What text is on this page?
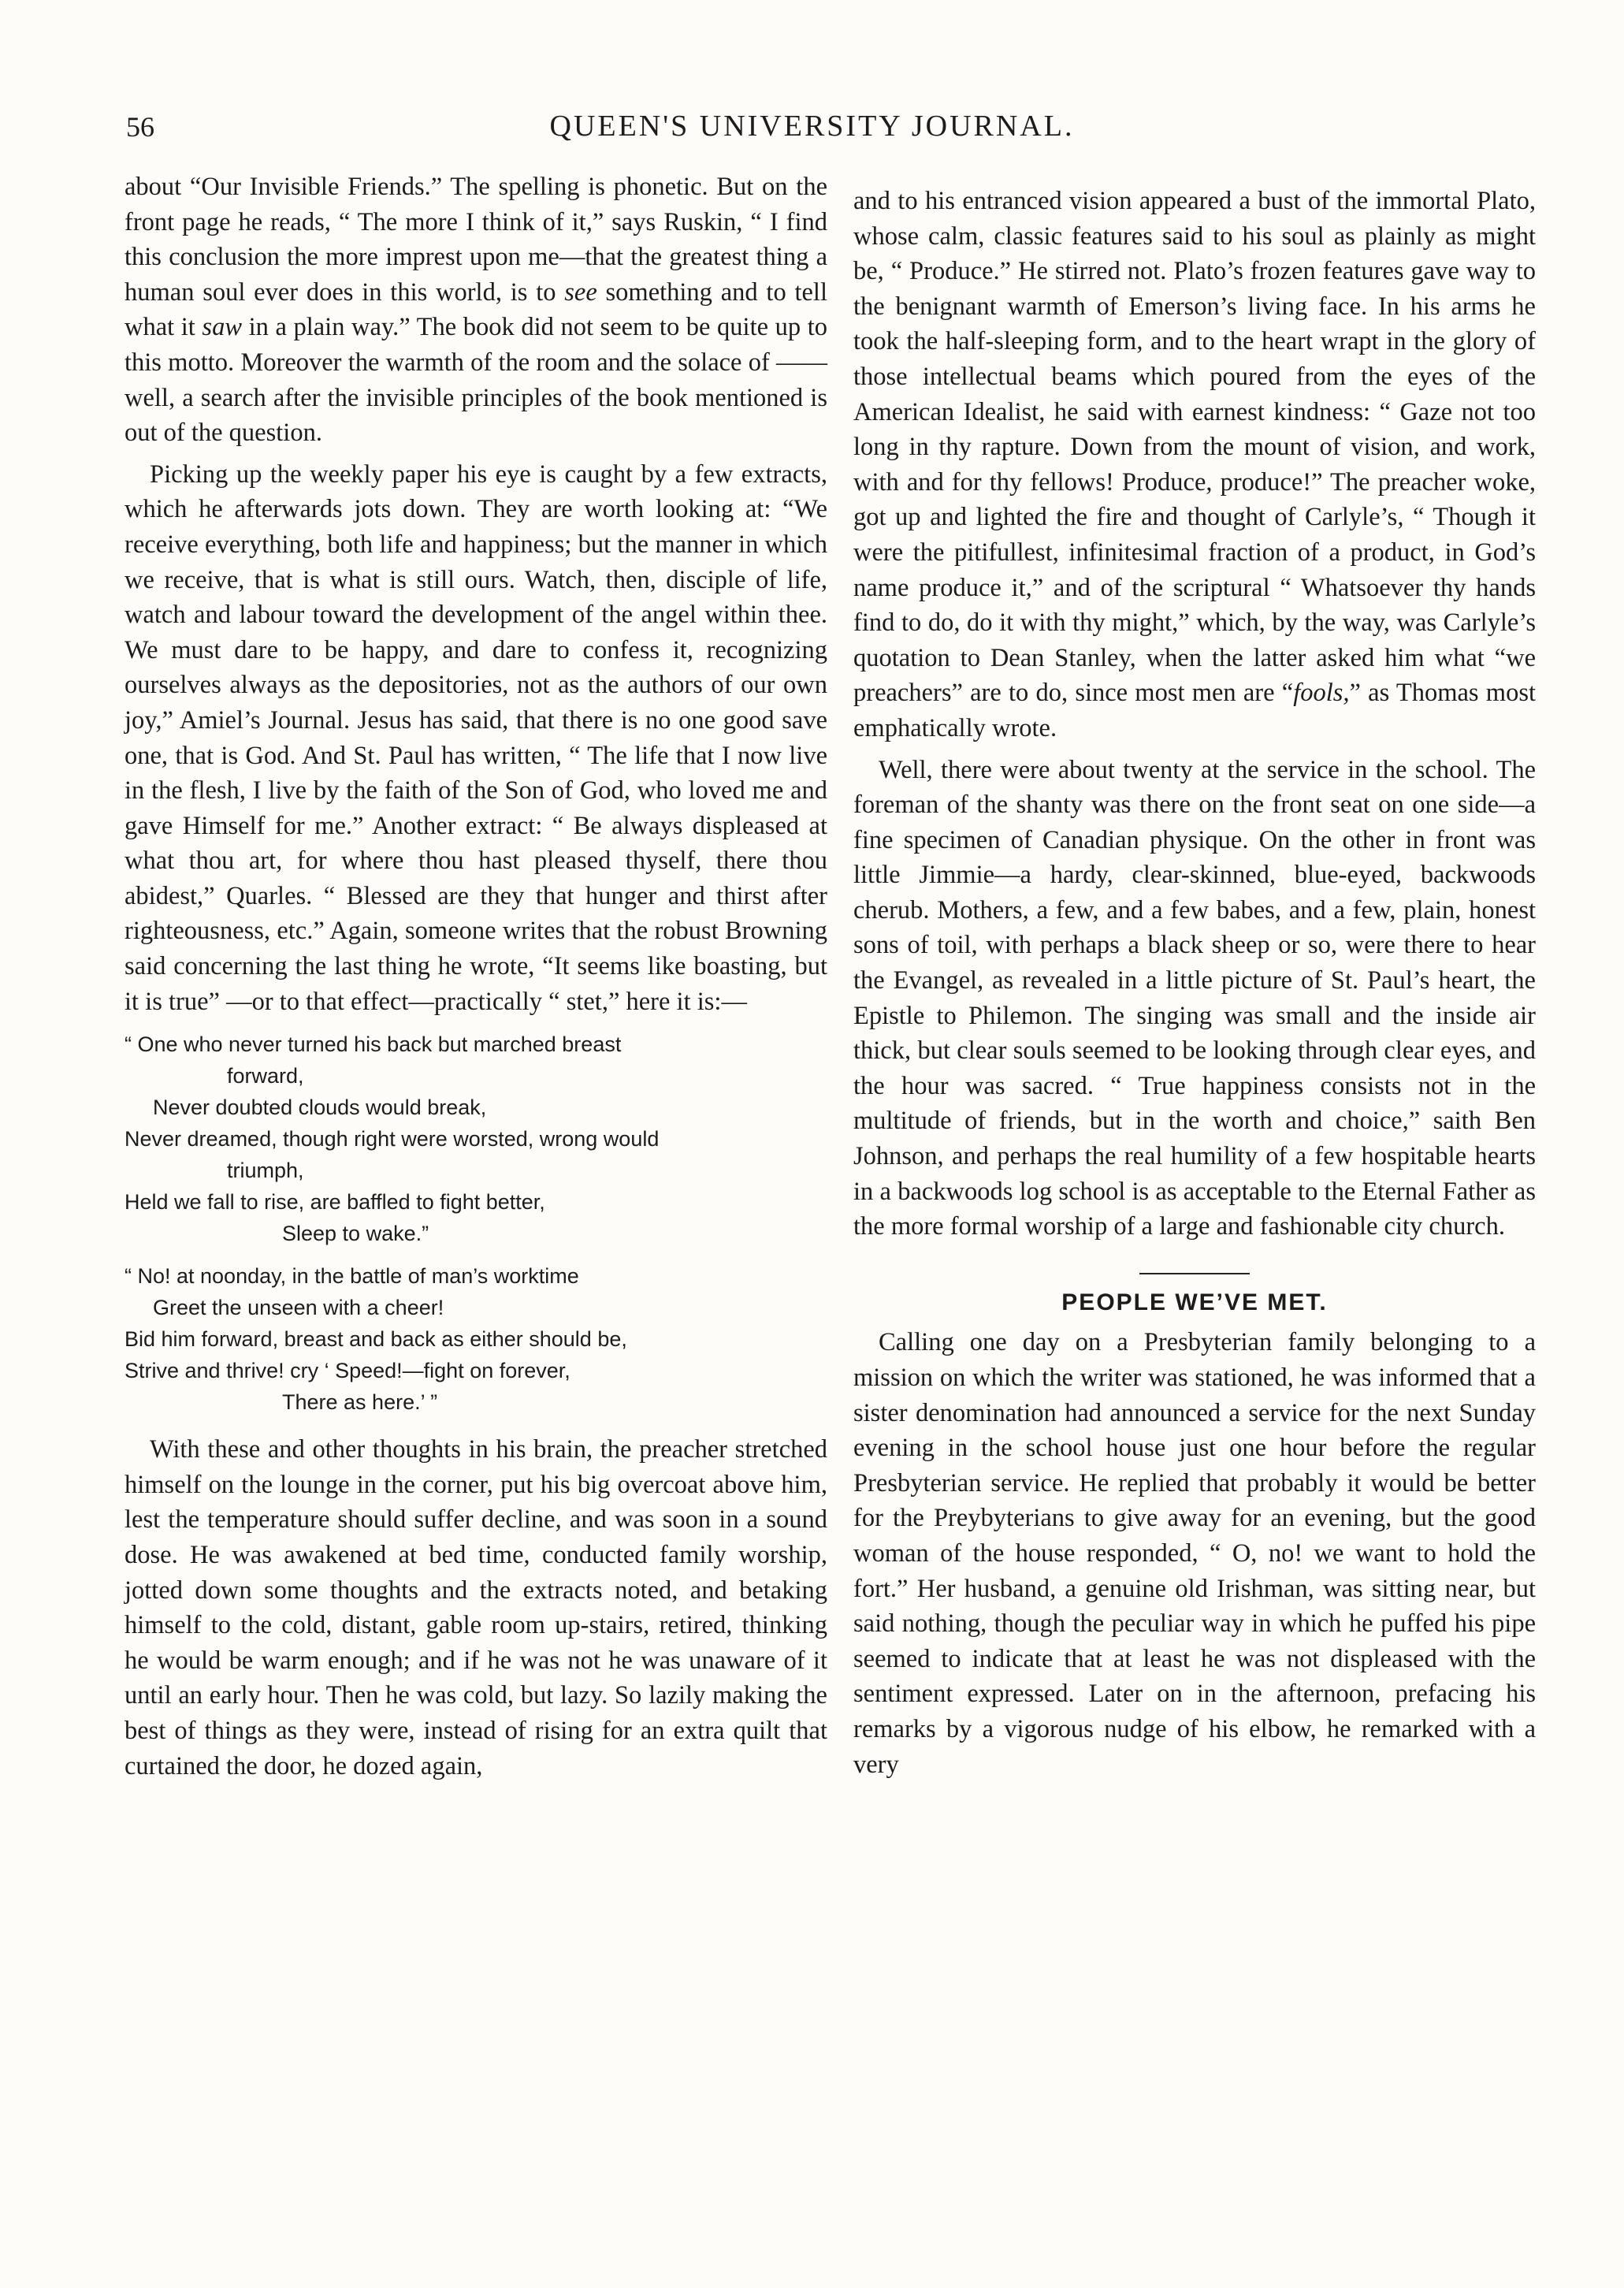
56	QUEEN'S UNIVERSITY JOURNAL.

about “Our Invisible Friends.” The spelling is phonetic. But on the front page he reads, “ The more I think of it,” says Ruskin, “ I find this conclusion the more imprest upon me—that the greatest thing a human soul ever does in this world, is to see something and to tell what it saw in a plain way.” The book did not seem to be quite up to this motto. Moreover the warmth of the room and the solace of —— well, a search after the invisible principles of the book mentioned is out of the question.

Picking up the weekly paper his eye is caught by a few extracts, which he afterwards jots down. They are worth looking at: “We receive everything, both life and happiness; but the manner in which we receive, that is what is still ours. Watch, then, disciple of life, watch and labour toward the development of the angel within thee. We must dare to be happy, and dare to confess it, recognizing ourselves always as the depositories, not as the authors of our own joy,” Amiel’s Journal. Jesus has said, that there is no one good save one, that is God. And St. Paul has written, “ The life that I now live in the flesh, I live by the faith of the Son of God, who loved me and gave Himself for me.” Another extract: “ Be always displeased at what thou art, for where thou hast pleased thyself, there thou abidest,” Quarles. “ Blessed are they that hunger and thirst after righteousness, etc.” Again, someone writes that the robust Browning said concerning the last thing he wrote, “It seems like boasting, but it is true” —or to that effect—practically “ stet,” here it is:—

“ One who never turned his back but marched breast
forward,
Never doubted clouds would break,
Never dreamed, though right were worsted, wrong would
triumph,
Held we fall to rise, are baffled to fight better,
Sleep to wake.”
“ No! at noonday, in the battle of man’s worktime
Greet the unseen with a cheer!
Bid him forward, breast and back as either should be,
Strive and thrive! cry ‘ Speed!—fight on forever,
There as here.’ ”

With these and other thoughts in his brain, the preacher stretched himself on the lounge in the corner, put his big overcoat above him, lest the temperature should suffer decline, and was soon in a sound dose. He was awakened at bed time, conducted family worship, jotted down some thoughts and the extracts noted, and betaking himself to the cold, distant, gable room up-stairs, retired, thinking he would be warm enough; and if he was not he was unaware of it until an early hour. Then he was cold, but lazy. So lazily making the best of things as they were, instead of rising for an extra quilt that curtained the door, he dozed again,

and to his entranced vision appeared a bust of the immortal Plato, whose calm, classic features said to his soul as plainly as might be, “ Produce.” He stirred not. Plato’s frozen features gave way to the benignant warmth of Emerson’s living face. In his arms he took the half-sleeping form, and to the heart wrapt in the glory of those intellectual beams which poured from the eyes of the American Idealist, he said with earnest kindness: “ Gaze not too long in thy rapture. Down from the mount of vision, and work, with and for thy fellows! Produce, produce!” The preacher woke, got up and lighted the fire and thought of Carlyle’s, “ Though it were the pitifullest, infinitesimal fraction of a product, in God’s name produce it,” and of the scriptural “ Whatsoever thy hands find to do, do it with thy might,” which, by the way, was Carlyle’s quotation to Dean Stanley, when the latter asked him what “we preachers” are to do, since most men are “fools,” as Thomas most emphatically wrote.

Well, there were about twenty at the service in the school. The foreman of the shanty was there on the front seat on one side—a fine specimen of Canadian physique. On the other in front was little Jimmie—a hardy, clear-skinned, blue-eyed, backwoods cherub. Mothers, a few, and a few babes, and a few, plain, honest sons of toil, with perhaps a black sheep or so, were there to hear the Evangel, as revealed in a little picture of St. Paul’s heart, the Epistle to Philemon. The singing was small and the inside air thick, but clear souls seemed to be looking through clear eyes, and the hour was sacred. “ True happiness consists not in the multitude of friends, but in the worth and choice,” saith Ben Johnson, and perhaps the real humility of a few hospitable hearts in a backwoods log school is as acceptable to the Eternal Father as the more formal worship of a large and fashionable city church.

PEOPLE WE’VE MET.

Calling one day on a Presbyterian family belonging to a mission on which the writer was stationed, he was informed that a sister denomination had announced a service for the next Sunday evening in the school house just one hour before the regular Presbyterian service. He replied that probably it would be better for the Preybyterians to give away for an evening, but the good woman of the house responded, “ O, no! we want to hold the fort.” Her husband, a genuine old Irishman, was sitting near, but said nothing, though the peculiar way in which he puffed his pipe seemed to indicate that at least he was not displeased with the sentiment expressed. Later on in the afternoon, prefacing his remarks by a vigorous nudge of his elbow, he remarked with a very
